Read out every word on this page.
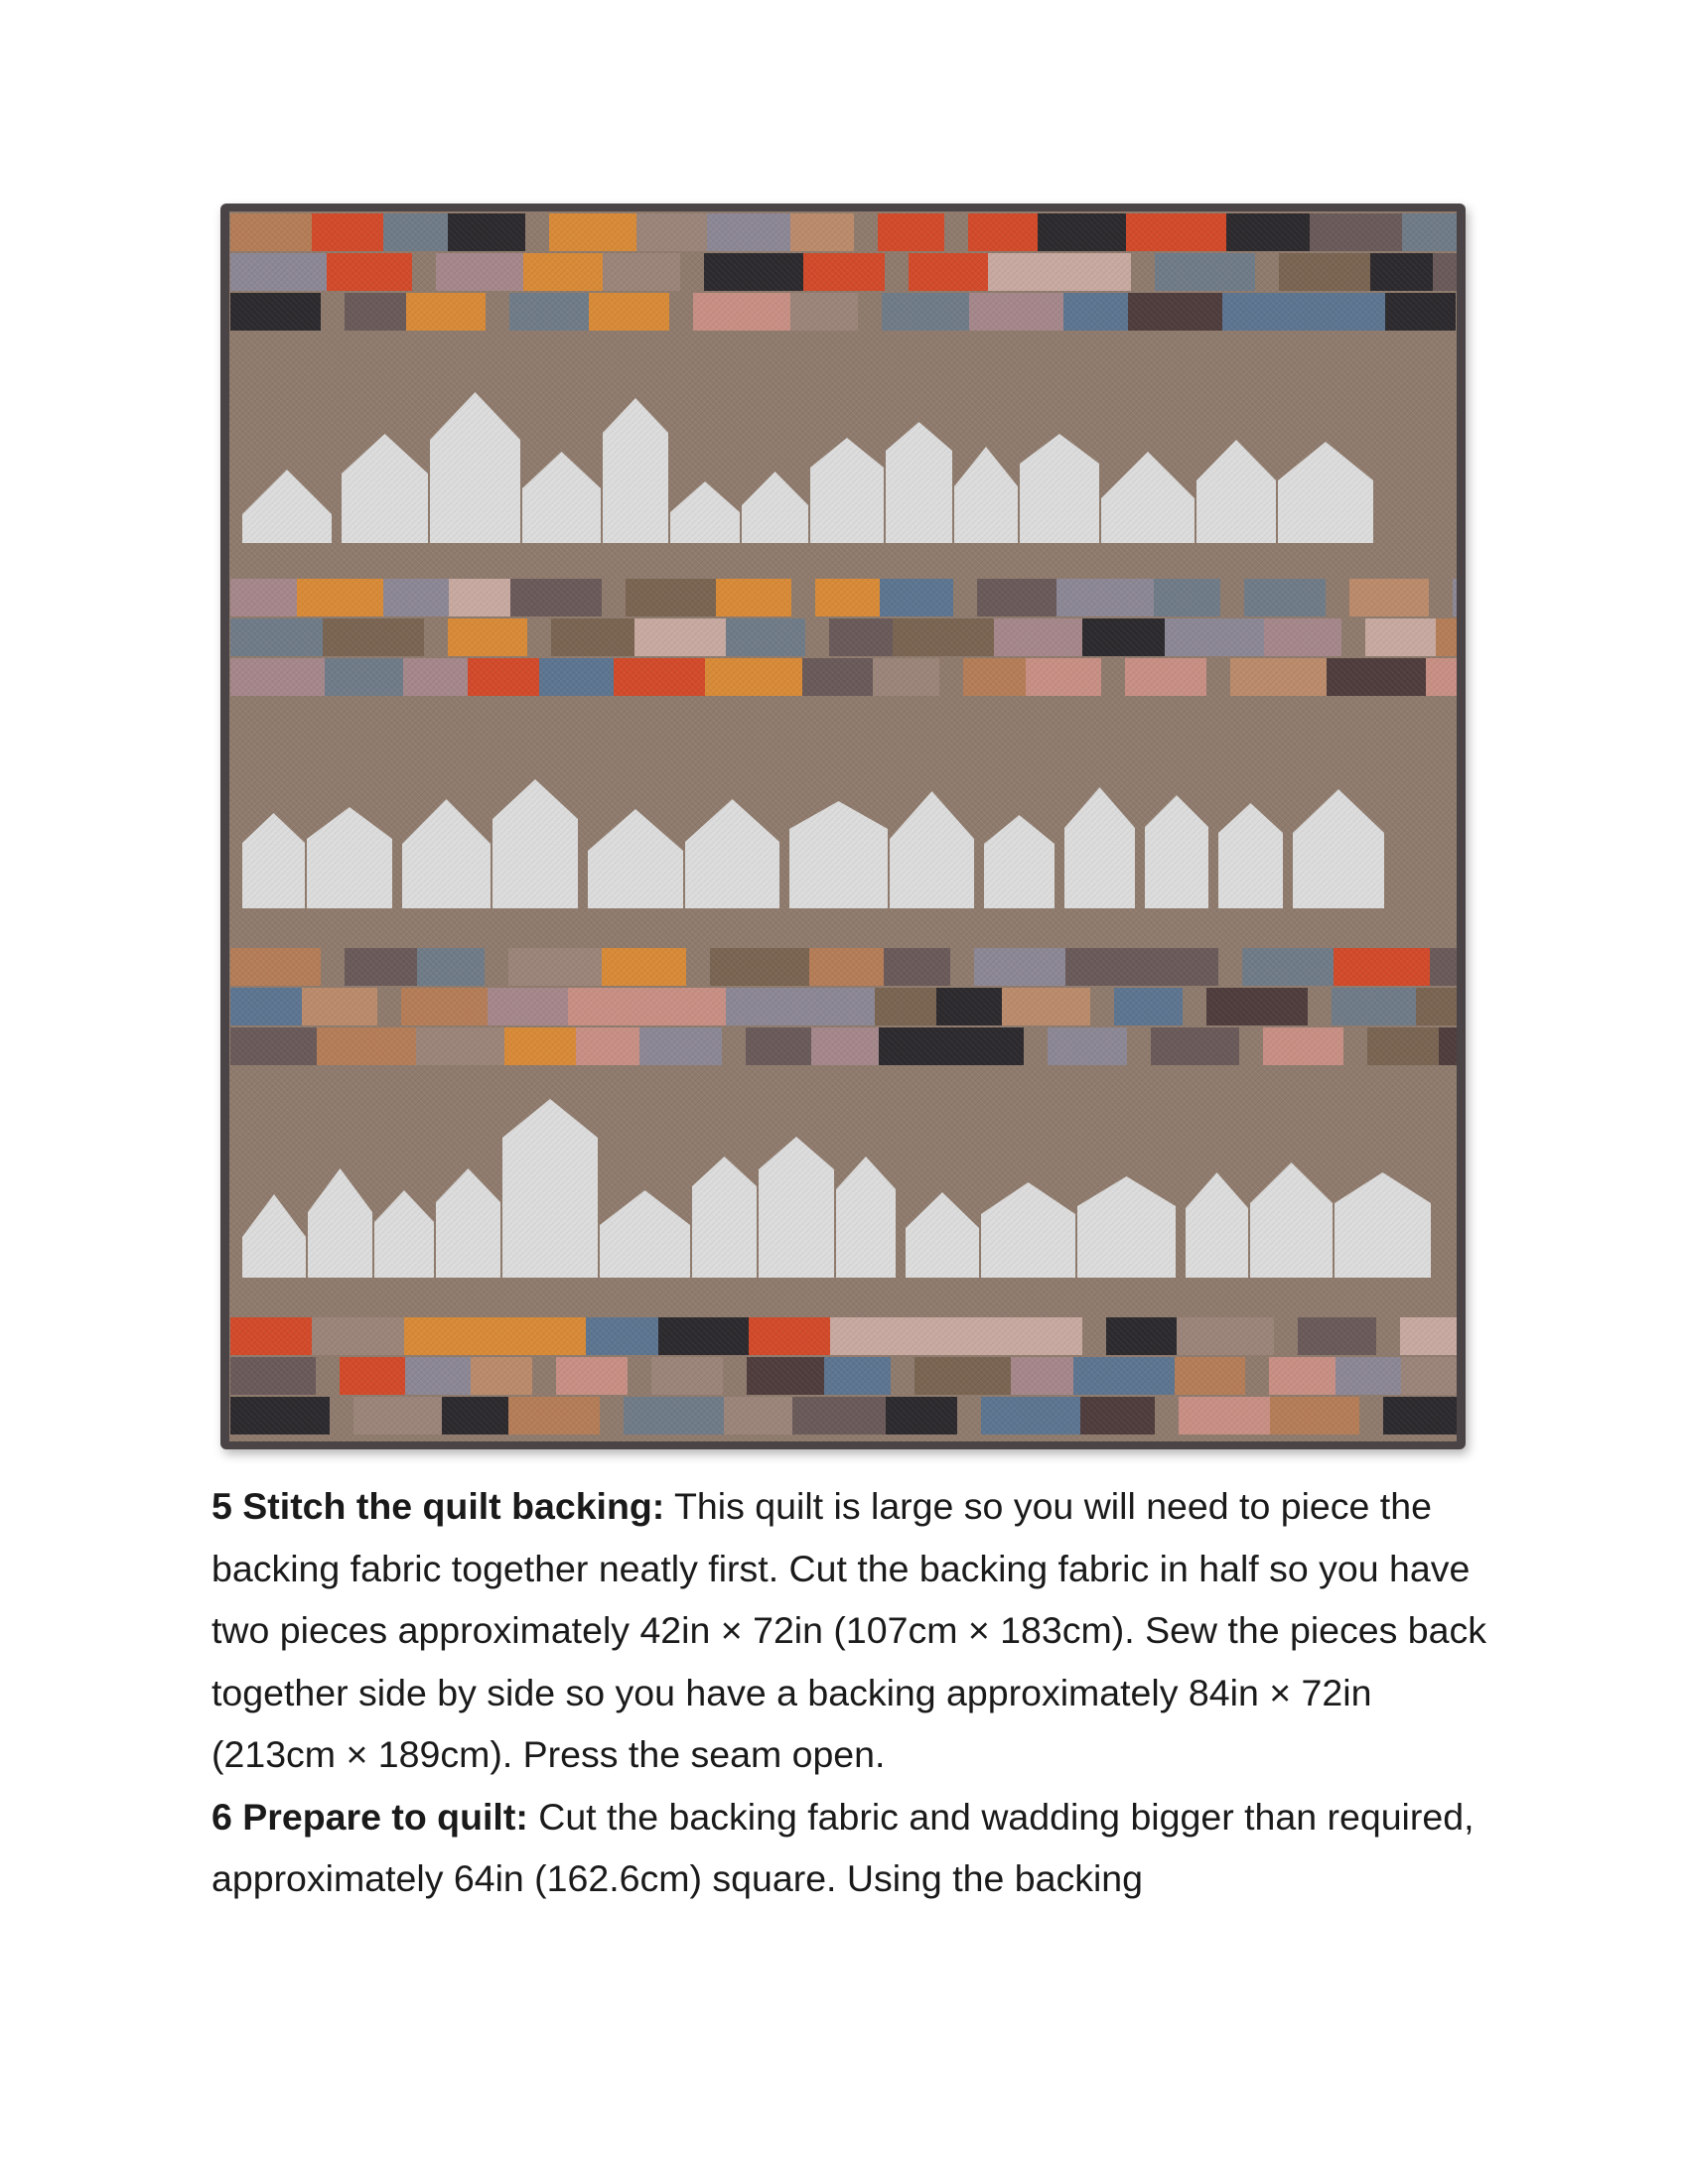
5 Stitch the quilt backing: This quilt is large so you will need to piece the backing fabric together neatly first. Cut the backing fabric in half so you have two pieces approximately 42in × 72in (107cm × 183cm). Sew the pieces back together side by side so you have a backing approximately 84in × 72in (213cm × 189cm). Press the seam open.

6 Prepare to quilt: Cut the backing fabric and wadding bigger than required, approximately 64in (162.6cm) square. Using the backing
